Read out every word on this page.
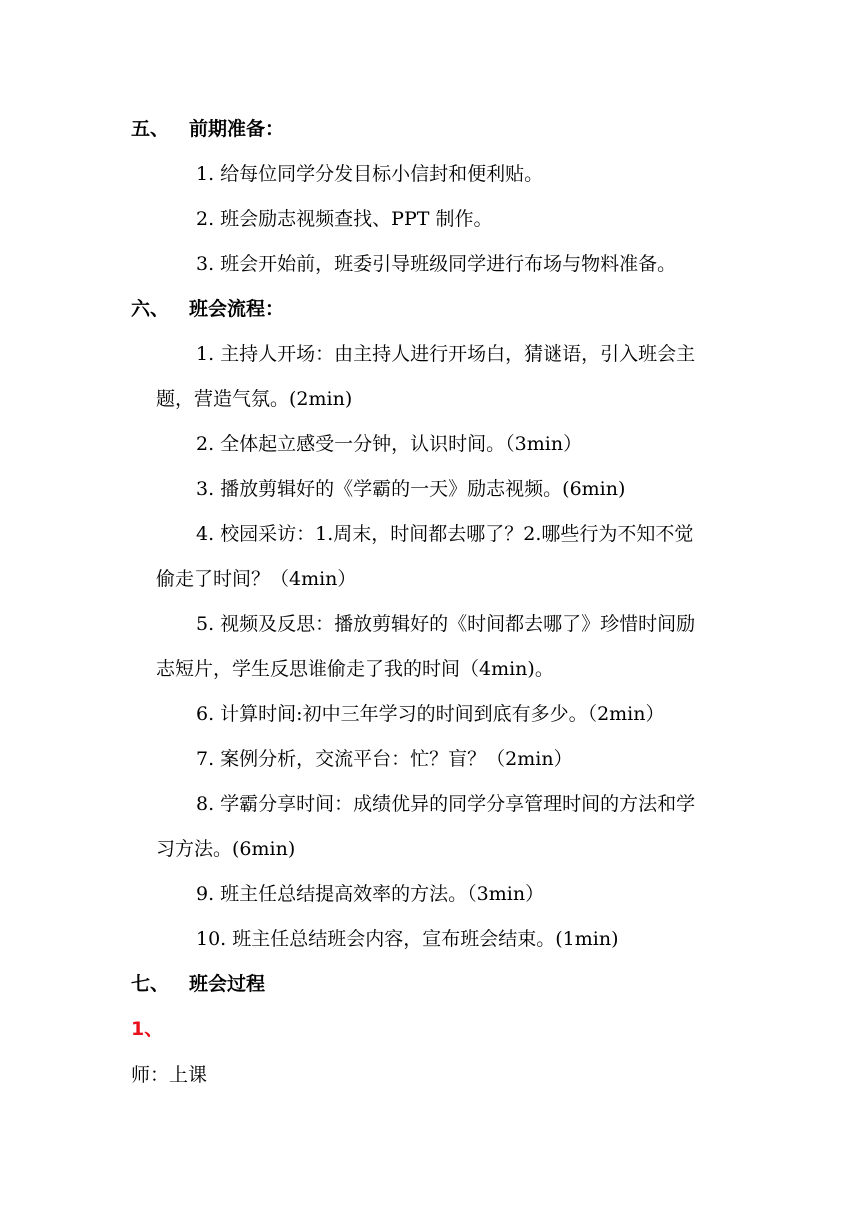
五、 前期准备：
1. 给每位同学分发目标小信封和便利贴。
2. 班会励志视频查找、PPT 制作。
3. 班会开始前，班委引导班级同学进行布场与物料准备。
六、 班会流程：
1. 主持人开场：由主持人进行开场白，猜谜语，引入班会主
题，营造气氛。(2min)
2. 全体起立感受一分钟，认识时间。（3min）
3. 播放剪辑好的《学霸的一天》励志视频。(6min)
4. 校园采访：1.周末，时间都去哪了？2.哪些行为不知不觉
偷走了时间？（4min）
5. 视频及反思：播放剪辑好的《时间都去哪了》珍惜时间励
志短片，学生反思谁偷走了我的时间（4min)。
6. 计算时间:初中三年学习的时间到底有多少。（2min）
7. 案例分析，交流平台：忙？盲？（2min）
8. 学霸分享时间：成绩优异的同学分享管理时间的方法和学
习方法。(6min)
9. 班主任总结提高效率的方法。（3min）
10. 班主任总结班会内容，宣布班会结束。(1min)
七、 班会过程
1、
师：上课
